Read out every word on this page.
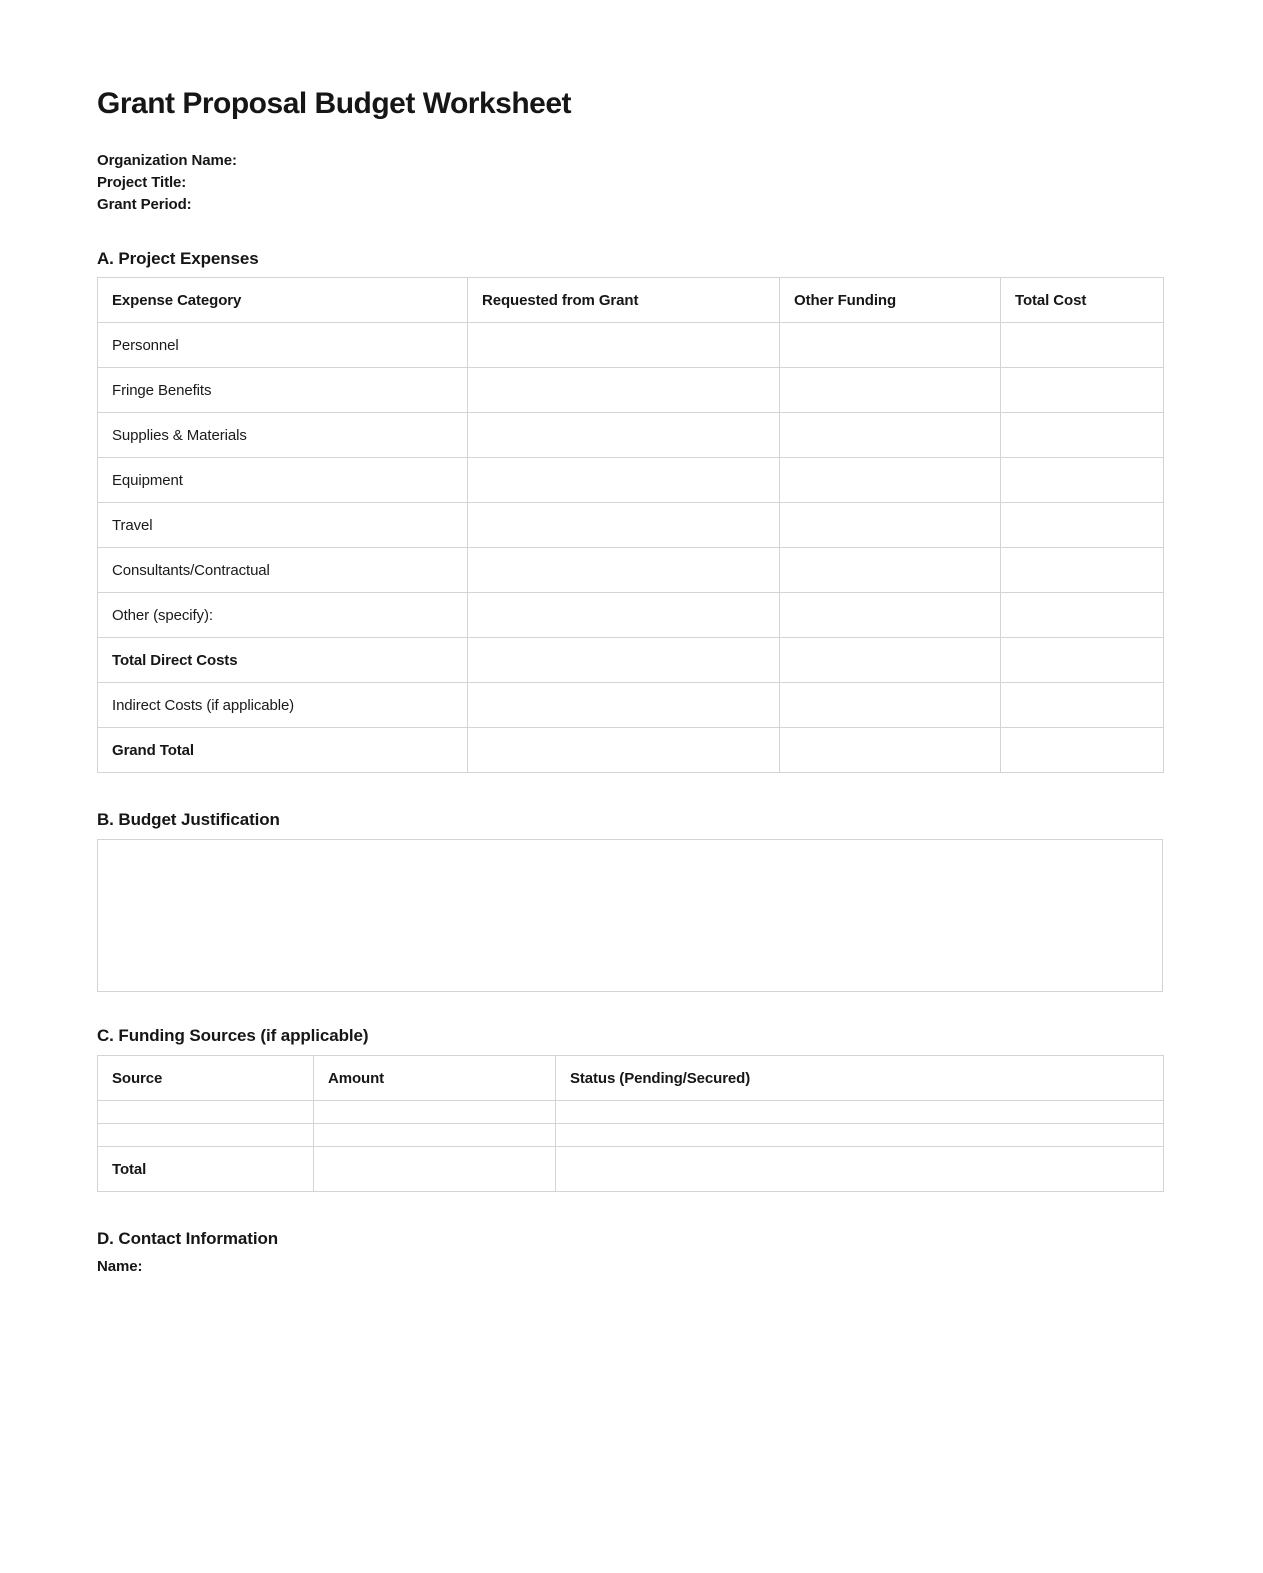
Grant Proposal Budget Worksheet
Organization Name:
Project Title:
Grant Period:
A. Project Expenses
Expense Category	Requested from Grant	Other Funding	Total Cost
Personnel			
Fringe Benefits			
Supplies & Materials			
Equipment			
Travel			
Consultants/Contractual			
Other (specify):			
Total Direct Costs			
Indirect Costs (if applicable)			
Grand Total			
B. Budget Justification
C. Funding Sources (if applicable)
Source	Amount	Status (Pending/Secured)

Total		
D. Contact Information
Name:
